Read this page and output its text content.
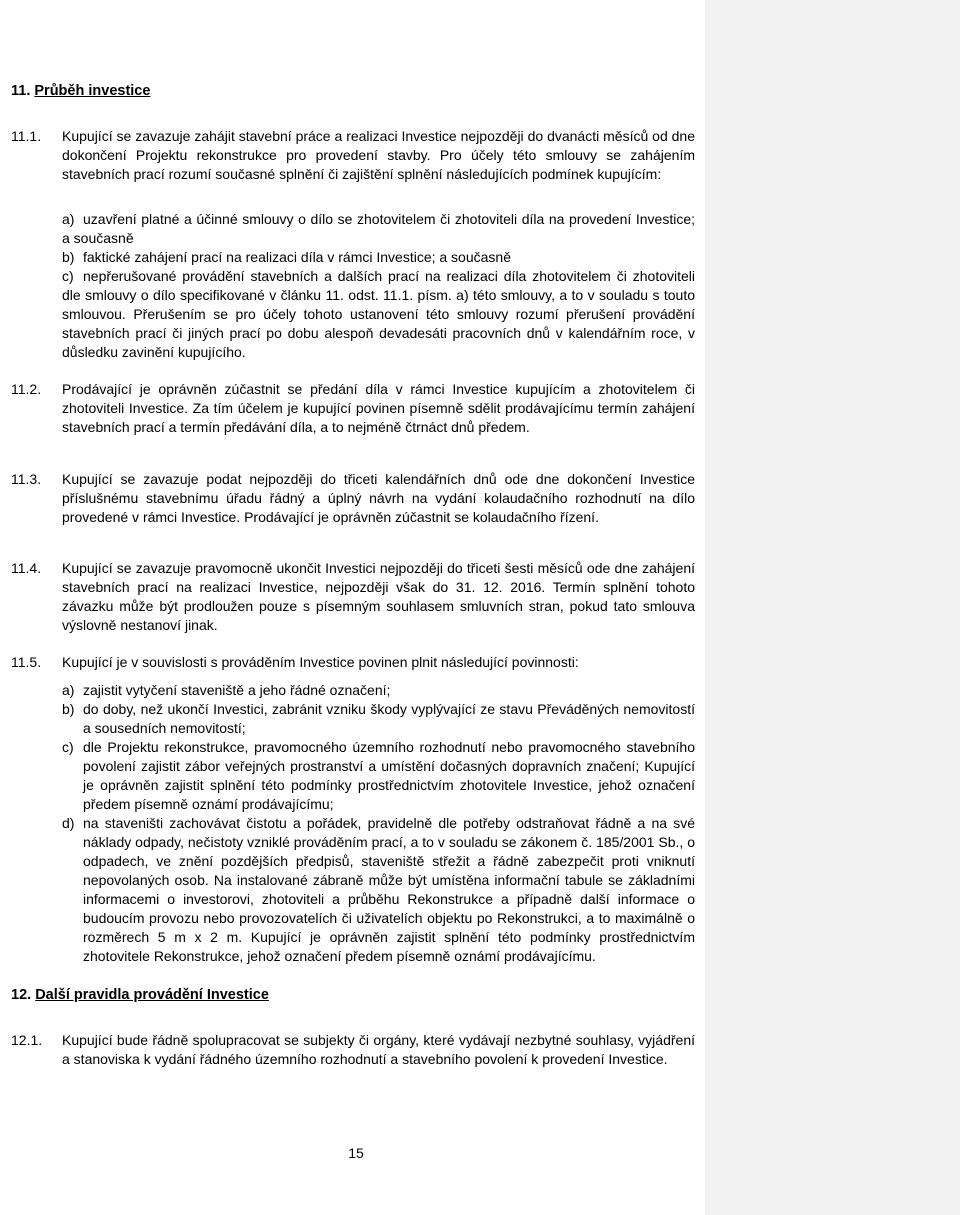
11. Průběh investice
11.1. Kupující se zavazuje zahájit stavební práce a realizaci Investice nejpozději do dvanácti měsíců od dne dokončení Projektu rekonstrukce pro provedení stavby. Pro účely této smlouvy se zahájením stavebních prací rozumí současné splnění či zajištění splnění následujících podmínek kupujícím:
a) uzavření platné a účinné smlouvy o dílo se zhotovitelem či zhotoviteli díla na provedení Investice; a současně
b) faktické zahájení prací na realizaci díla v rámci Investice; a současně
c) nepřerušované provádění stavebních a dalších prací na realizaci díla zhotovitelem či zhotoviteli dle smlouvy o dílo specifikované v článku 11. odst. 11.1. písm. a) této smlouvy, a to v souladu s touto smlouvou. Přerušením se pro účely tohoto ustanovení této smlouvy rozumí přerušení provádění stavebních prací či jiných prací po dobu alespoň devadesáti pracovních dnů v kalendářním roce, v důsledku zavinění kupujícího.
11.2. Prodávající je oprávněn zúčastnit se předání díla v rámci Investice kupujícím a zhotovitelem či zhotoviteli Investice. Za tím účelem je kupující povinen písemně sdělit prodávajícímu termín zahájení stavebních prací a termín předávání díla, a to nejméně čtrnáct dnů předem.
11.3. Kupující se zavazuje podat nejpozději do třiceti kalendářních dnů ode dne dokončení Investice příslušnému stavebnímu úřadu řádný a úplný návrh na vydání kolaudačního rozhodnutí na dílo provedené v rámci Investice. Prodávající je oprávněn zúčastnit se kolaudačního řízení.
11.4. Kupující se zavazuje pravomocně ukončit Investici nejpozději do třiceti šesti měsíců ode dne zahájení stavebních prací na realizaci Investice, nejpozději však do 31. 12. 2016. Termín splnění tohoto závazku může být prodloužen pouze s písemným souhlasem smluvních stran, pokud tato smlouva výslovně nestanoví jinak.
11.5. Kupující je v souvislosti s prováděním Investice povinen plnit následující povinnosti:
a) zajistit vytyčení staveniště a jeho řádné označení;
b) do doby, než ukončí Investici, zabránit vzniku škody vyplývající ze stavu Převáděných nemovitostí a sousedních nemovitostí;
c) dle Projektu rekonstrukce, pravomocného územního rozhodnutí nebo pravomocného stavebního povolení zajistit zábor veřejných prostranství a umístění dočasných dopravních značení; Kupující je oprávněn zajistit splnění této podmínky prostřednictvím zhotovitele Investice, jehož označení předem písemně oznámí prodávajícímu;
d) na staveništi zachovávat čistotu a pořádek, pravidelně dle potřeby odstraňovat řádně a na své náklady odpady, nečistoty vzniklé prováděním prací, a to v souladu se zákonem č. 185/2001 Sb., o odpadech, ve znění pozdějších předpisů, staveniště střežit a řádně zabezpečit proti vniknutí nepovolaných osob. Na instalované zábraně může být umístěna informační tabule se základními informacemi o investorovi, zhotoviteli a průběhu Rekonstrukce a případně další informace o budoucím provozu nebo provozovatelích či uživatelích objektu po Rekonstrukci, a to maximálně o rozměrech 5 m x 2 m. Kupující je oprávněn zajistit splnění této podmínky prostřednictvím zhotovitele Rekonstrukce, jehož označení předem písemně oznámí prodávajícímu.
12. Další pravidla provádění Investice
12.1. Kupující bude řádně spolupracovat se subjekty či orgány, které vydávají nezbytné souhlasy, vyjádření a stanoviska k vydání řádného územního rozhodnutí a stavebního povolení k provedení Investice.
15
